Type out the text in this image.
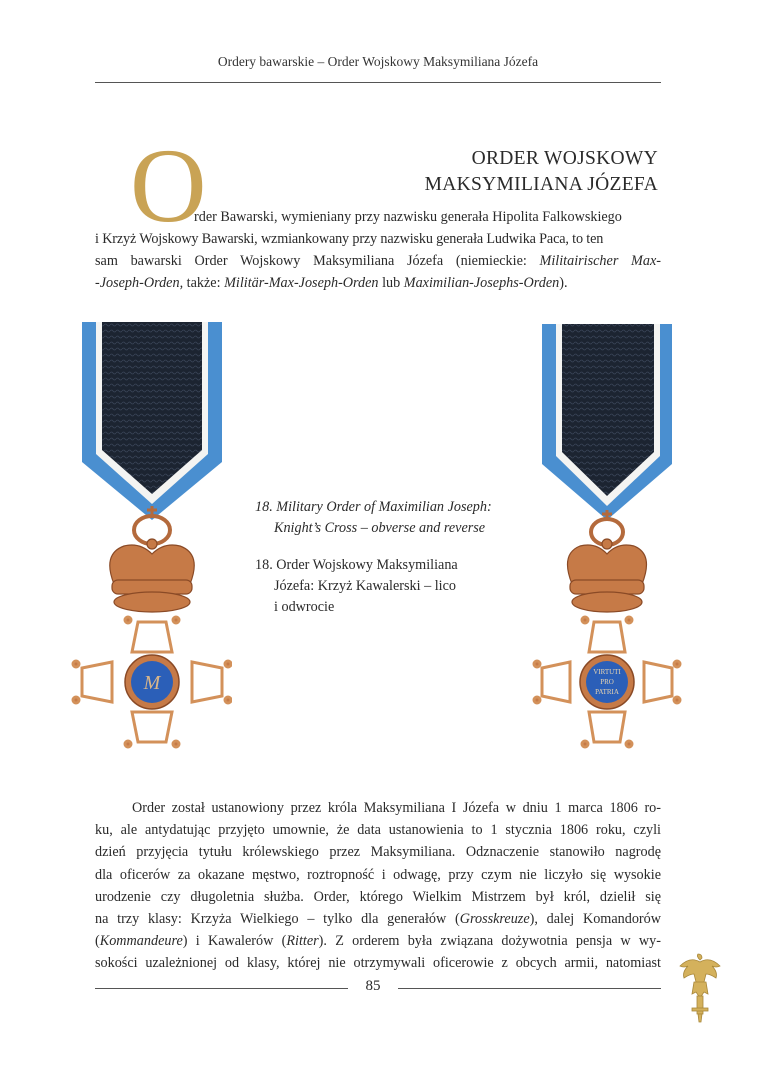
Ordery bawarskie – Order Wojskowy Maksymiliana Józefa
ORDER WOJSKOWY
MAKSYMILIANA JÓZEFA
O
rder Bawarski, wymieniany przy nazwisku generała Hipolita Falkowskiego
i Krzyż Wojskowy Bawarski, wzmiankowany przy nazwisku generała Ludwika Paca, to ten
sam bawarski Order Wojskowy Maksymiliana Józefa (niemieckie: Militairischer Max-
-Joseph-Orden, także: Militär-Max-Joseph-Orden lub Maximilian-Josephs-Orden).
M	VIRTUTI
PRO
PATRIA
18. Military Order of Maximilian Joseph:
Knight’s Cross – obverse and reverse
18. Order Wojskowy Maksymiliana
Józefa: Krzyż Kawalerski – lico
i odwrocie
Order został ustanowiony przez króla Maksymiliana I Józefa w dniu 1 marca 1806 ro-
ku, ale antydatując przyjęto umownie, że data ustanowienia to 1 stycznia 1806 roku, czyli
dzień przyjęcia tytułu królewskiego przez Maksymiliana. Odznaczenie stanowiło nagrodę
dla oficerów za okazane męstwo, roztropność i odwagę, przy czym nie liczyło się wysokie
urodzenie czy długoletnia służba. Order, którego Wielkim Mistrzem był król, dzielił się
na trzy klasy: Krzyża Wielkiego – tylko dla generałów (Grosskreuze), dalej Komandorów
(Kommandeure) i Kawalerów (Ritter). Z orderem była związana dożywotnia pensja w wy-
sokości uzależnionej od klasy, której nie otrzymywali oficerowie z obcych armii, natomiast
85
